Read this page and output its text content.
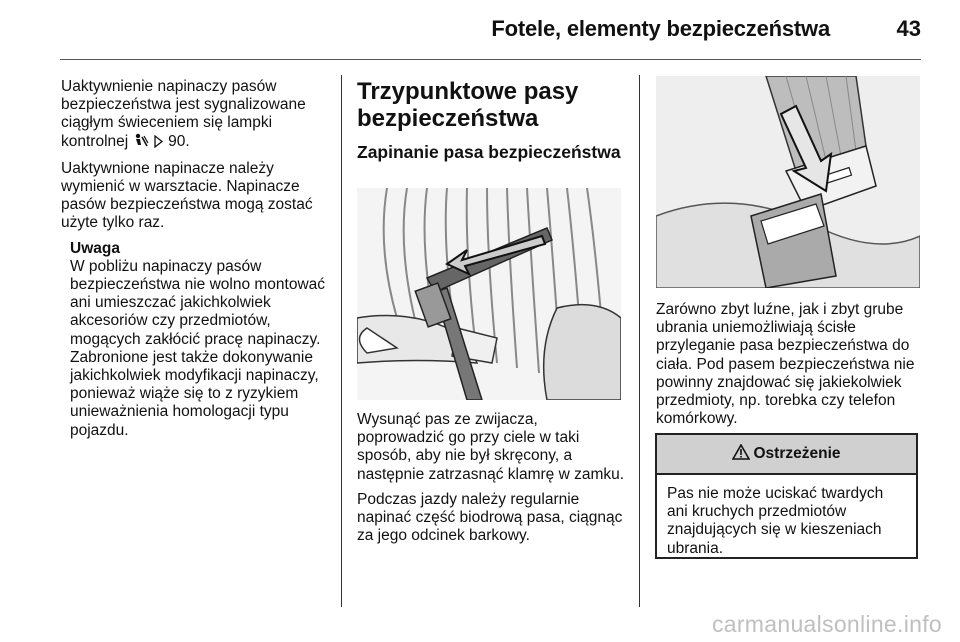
Fotele, elementy bezpieczeństwa	43

Uaktywnienie napinaczy pasów bezpieczeństwa jest sygnalizowane ciągłym świeceniem się lampki kontrolnej	90.

Uaktywnione napinacze należy wymienić w warsztacie. Napinacze pasów bezpieczeństwa mogą zostać użyte tylko raz.

Uwaga
W pobliżu napinaczy pasów bezpieczeństwa nie wolno montować ani umieszczać jakichkolwiek akcesoriów czy przedmiotów, mogących zakłócić pracę napinaczy. Zabronione jest także dokonywanie jakichkolwiek modyfikacji napinaczy, ponieważ wiąże się to z ryzykiem unieważnienia homologacji typu pojazdu.
Trzypunktowe pasy bezpieczeństwa
Zapinanie pasa bezpieczeństwa

Wysunąć pas ze zwijacza, poprowadzić go przy ciele w taki sposób, aby nie był skręcony, a następnie zatrzasnąć klamrę w zamku.

Podczas jazdy należy regularnie napinać część biodrową pasa, ciągnąc za jego odcinek barkowy.

Zarówno zbyt luźne, jak i zbyt grube ubrania uniemożliwiają ścisłe przyleganie pasa bezpieczeństwa do ciała. Pod pasem bezpieczeństwa nie powinny znajdować się jakiekolwiek przedmioty, np. torebka czy telefon komórkowy.

Ostrzeżenie
Pas nie może uciskać twardych ani kruchych przedmiotów znajdujących się w kieszeniach ubrania.
carmanualsonline.info
